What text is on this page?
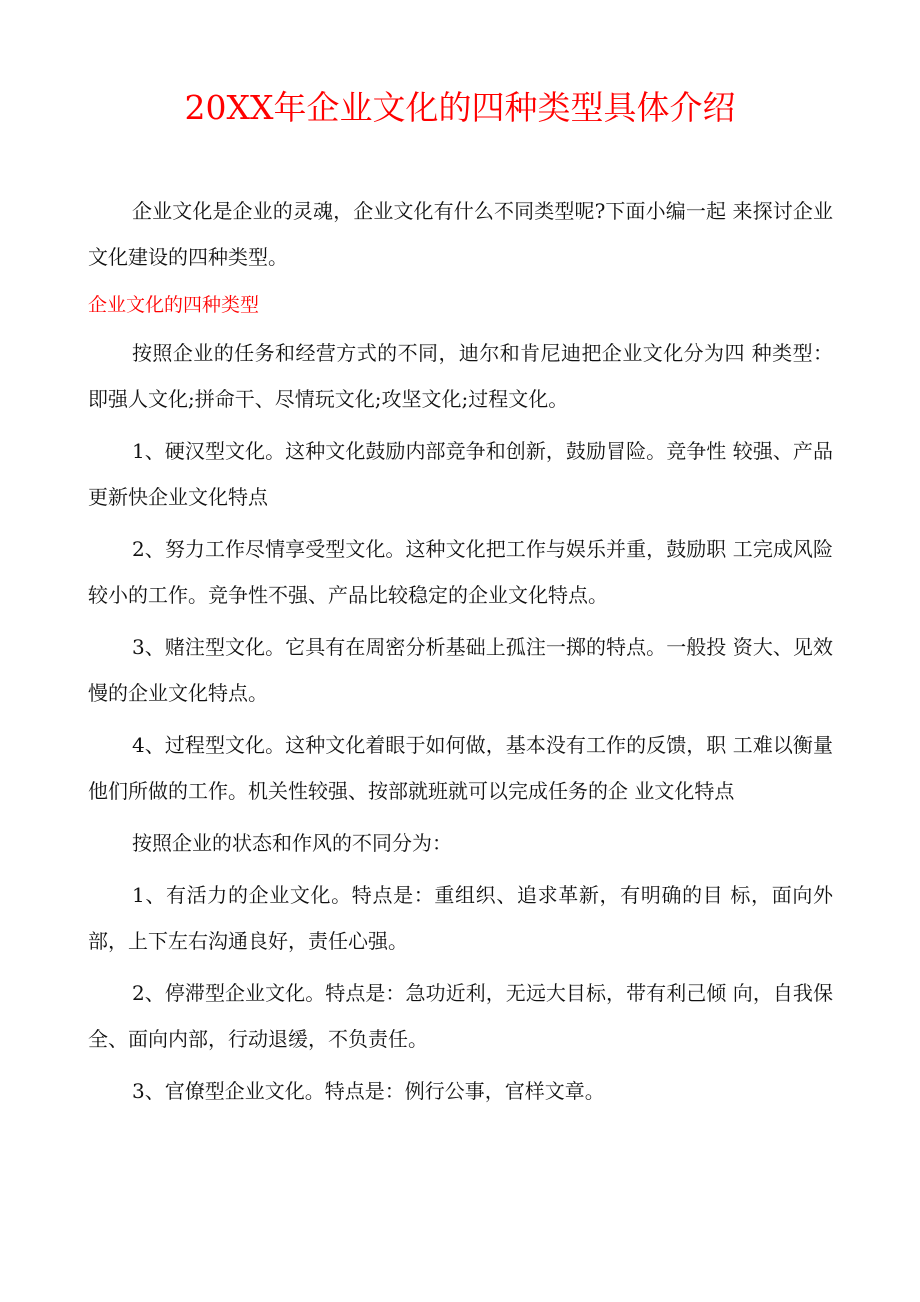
20XX年企业文化的四种类型具体介绍

企业文化是企业的灵魂，企业文化有什么不同类型呢?下面小编一起 来探讨企业文化建设的四种类型。

企业文化的四种类型

按照企业的任务和经营方式的不同，迪尔和肯尼迪把企业文化分为四 种类型：即强人文化;拼命干、尽情玩文化;攻坚文化;过程文化。

1、硬汉型文化。这种文化鼓励内部竞争和创新，鼓励冒险。竞争性 较强、产品更新快企业文化特点

2、努力工作尽情享受型文化。这种文化把工作与娱乐并重，鼓励职 工完成风险较小的工作。竞争性不强、产品比较稳定的企业文化特点。

3、赌注型文化。它具有在周密分析基础上孤注一掷的特点。一般投 资大、见效慢的企业文化特点。

4、过程型文化。这种文化着眼于如何做，基本没有工作的反馈，职 工难以衡量他们所做的工作。机关性较强、按部就班就可以完成任务的企 业文化特点

按照企业的状态和作风的不同分为：

1、有活力的企业文化。特点是：重组织、追求革新，有明确的目 标，面向外部，上下左右沟通良好，责任心强。

2、停滞型企业文化。特点是：急功近利，无远大目标，带有利己倾 向，自我保全、面向内部，行动退缓，不负责任。

3、官僚型企业文化。特点是：例行公事，官样文章。
